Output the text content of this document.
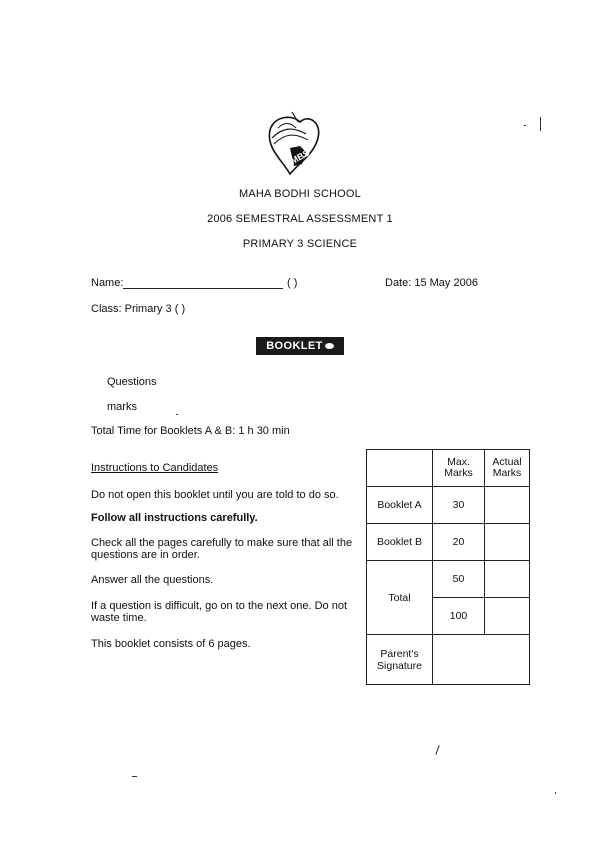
MBS
MAHA BODHI SCHOOL
2006 SEMESTRAL ASSESSMENT 1
PRIMARY 3 SCIENCE
Name:	( )	Date: 15 May 2006
Class: Primary 3 ( )
BOOKLET
Questions
marks
Total Time for Booklets A & B: 1 h 30 min
Instructions to Candidates
Do not open this booklet until you are told to do so.
Follow all instructions carefully.
Check all the pages carefully to make sure that all the questions are in order.
Answer all the questions.
If a question is difficult, go on to the next one. Do not waste time.
This booklet consists of 6 pages.
	Max. Marks	Actual Marks
Booklet A	30	
Booklet B	20	
Total	50	
	100	
Parent's Signature		
